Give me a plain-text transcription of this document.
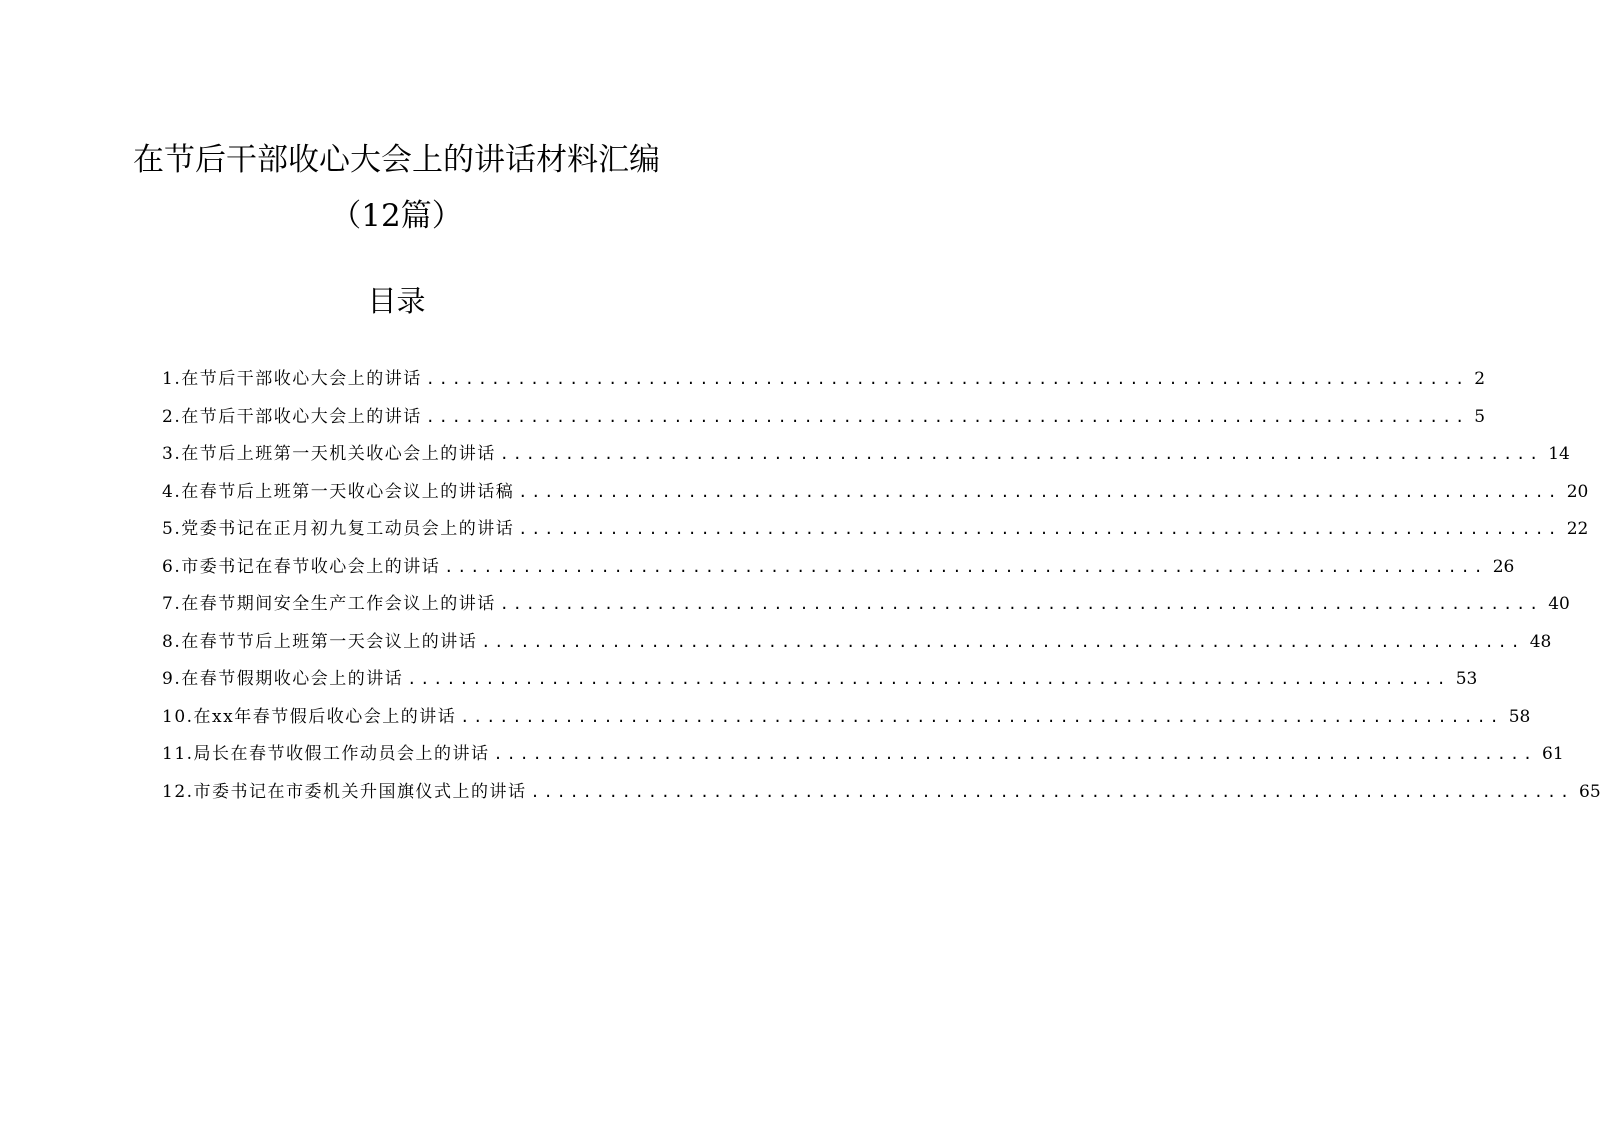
在节后干部收心大会上的讲话材料汇编（12篇）
目录
1.在节后干部收心大会上的讲话 ................................................................................ 2
2.在节后干部收心大会上的讲话 ................................................................................ 5
3.在节后上班第一天机关收心会上的讲话 ................................................................................ 14
4.在春节后上班第一天收心会议上的讲话稿 ................................................................................ 20
5.党委书记在正月初九复工动员会上的讲话 ................................................................................ 22
6.市委书记在春节收心会上的讲话 ................................................................................ 26
7.在春节期间安全生产工作会议上的讲话 ................................................................................ 40
8.在春节节后上班第一天会议上的讲话 ................................................................................ 48
9.在春节假期收心会上的讲话 ................................................................................ 53
10.在xx年春节假后收心会上的讲话 ................................................................................ 58
11.局长在春节收假工作动员会上的讲话 ................................................................................ 61
12.市委书记在市委机关升国旗仪式上的讲话 ................................................................................ 65
